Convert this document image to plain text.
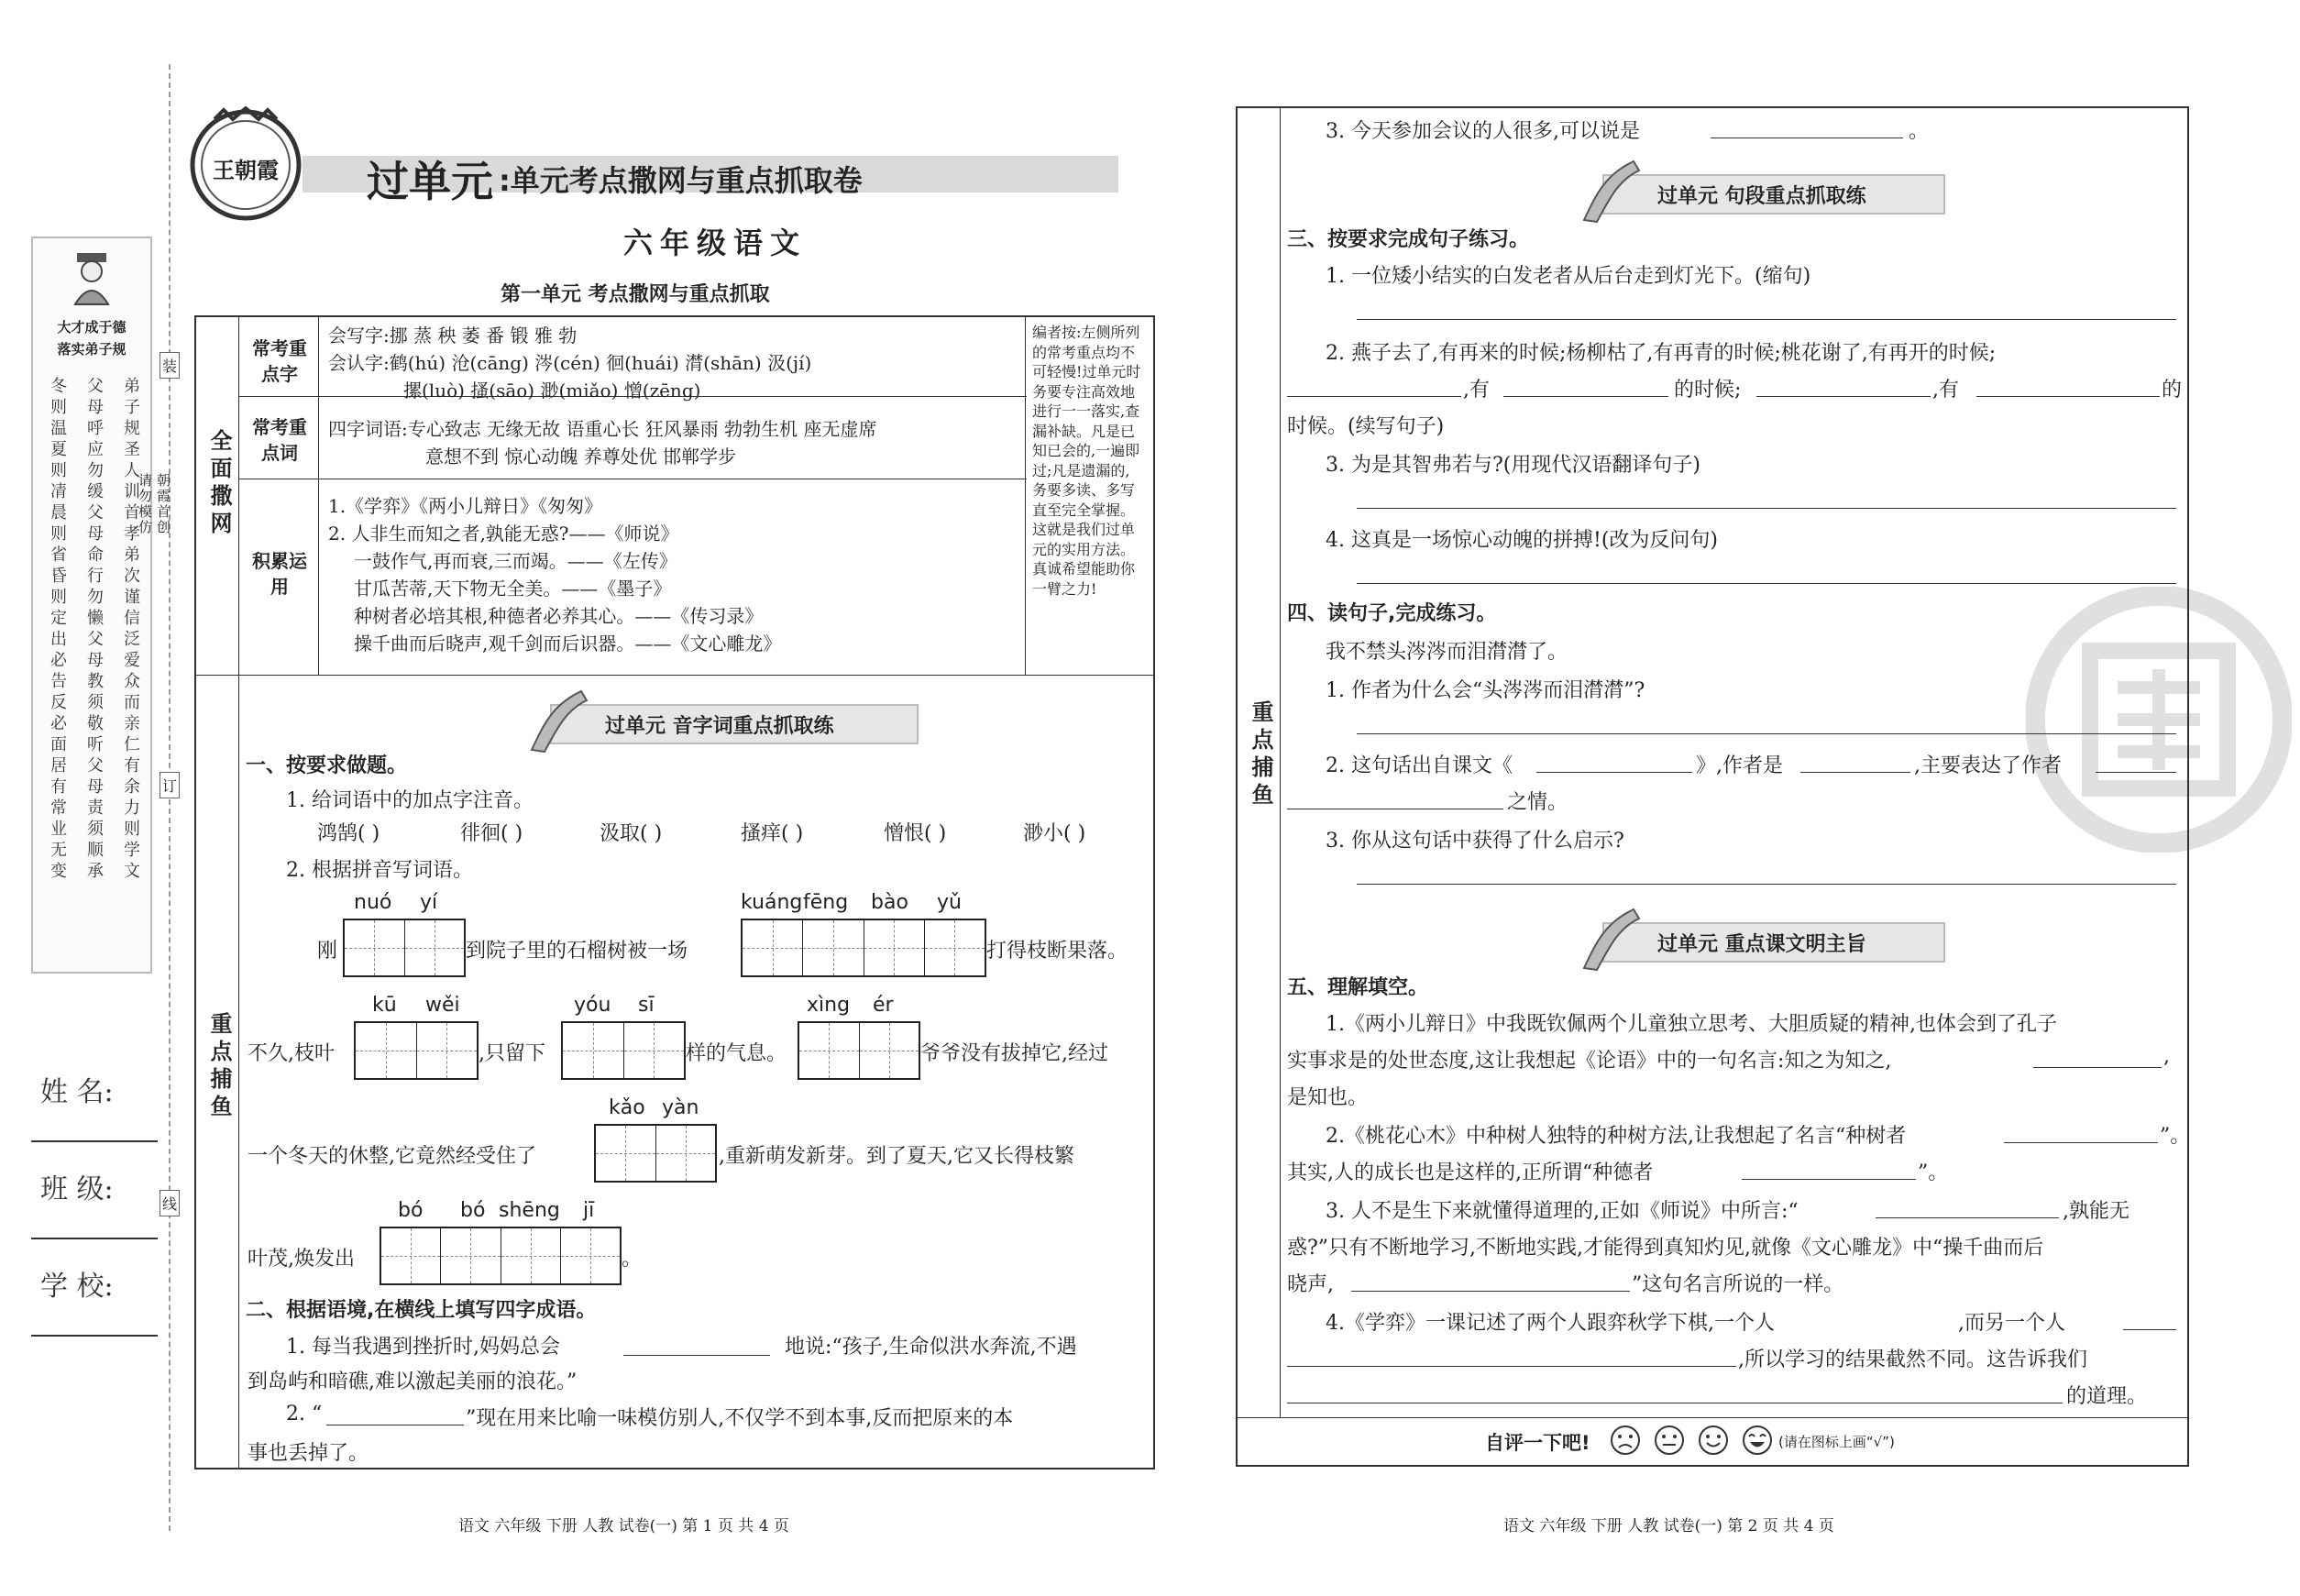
装
订
线
大才成于德
落实弟子规
弟子规圣人训首孝弟次谨信泛爱众而亲仁有余力则学文
父母呼应勿缓父母命行勿懒父母教须敬听父母责须顺承
冬则温夏则凊晨则省昏则定出必告反必面居有常业无变
朝霞首创
请勿模仿
姓 名:
班 级:
学 校:
王朝霞	过单元 :单元考点撒网与重点抓取卷
六年级语文
第一单元 考点撒网与重点抓取
全面撒网
重点捕鱼
常考重点字
会写字:挪 蒸 秧 萎 番 锻 雅 勃
会认字:鹤(hú) 沧(cāng) 涔(cén) 徊(huái) 潸(shān) 汲(jí)
摞(luò) 搔(sāo) 渺(miǎo) 憎(zēng)
常考重点词
四字词语:专心致志 无缘无故 语重心长 狂风暴雨 勃勃生机 座无虚席
意想不到 惊心动魄 养尊处优 邯郸学步
积累运用
1.《学弈》《两小儿辩日》《匆匆》
2. 人非生而知之者,孰能无惑?——《师说》
一鼓作气,再而衰,三而竭。——《左传》
甘瓜苦蒂,天下物无全美。——《墨子》
种树者必培其根,种德者必养其心。——《传习录》
操千曲而后晓声,观千剑而后识器。——《文心雕龙》
编者按:左侧所列的常考重点均不可轻慢!过单元时务要专注高效地进行一一落实,查漏补缺。凡是已知已会的,一遍即过;凡是遗漏的,务要多读、多写直至完全掌握。这就是我们过单元的实用方法。真诚希望能助你一臂之力!
过单元 音字词重点抓取练
一、按要求做题。
1. 给词语中的加点字注音。
鸿鹄( )	徘徊( )	汲取( )	搔痒( )	憎恨( )	渺小( )
2. 根据拼音写词语。
nuó yí	kuáng fēng bào yǔ
刚	到院子里的石榴树被一场	打得枝断果落。
kū wěi	yóu sī	xìng ér
不久,枝叶	,只留下	样的气息。	爷爷没有拔掉它,经过
kǎo yàn
一个冬天的休整,它竟然经受住了	,重新萌发新芽。到了夏天,它又长得枝繁
bó bó shēng jī
叶茂,焕发出	。
二、根据语境,在横线上填写四字成语。
1. 每当我遇到挫折时,妈妈总会	地说:“孩子,生命似洪水奔流,不遇
到岛屿和暗礁,难以激起美丽的浪花。”
2. “	”现在用来比喻一味模仿别人,不仅学不到本事,反而把原来的本
事也丢掉了。
语文 六年级 下册 人教 试卷(一) 第 1 页 共 4 页
重点捕鱼
3. 今天参加会议的人很多,可以说是	。
过单元 句段重点抓取练
三、按要求完成句子练习。
1. 一位矮小结实的白发老者从后台走到灯光下。(缩句)
2. 燕子去了,有再来的时候;杨柳枯了,有再青的时候;桃花谢了,有再开的时候;
,有	的时候;	,有	的
时候。(续写句子)
3. 为是其智弗若与?(用现代汉语翻译句子)
4. 这真是一场惊心动魄的拼搏!(改为反问句)
四、读句子,完成练习。
我不禁头涔涔而泪潸潸了。
1. 作者为什么会“头涔涔而泪潸潸”?
2. 这句话出自课文《	》,作者是	,主要表达了作者
之情。
3. 你从这句话中获得了什么启示?
过单元 重点课文明主旨
五、理解填空。
1.《两小儿辩日》中我既钦佩两个儿童独立思考、大胆质疑的精神,也体会到了孔子
实事求是的处世态度,这让我想起《论语》中的一句名言:知之为知之,	,
是知也。
2.《桃花心木》中种树人独特的种树方法,让我想起了名言“种树者	”。
其实,人的成长也是这样的,正所谓“种德者	”。
3. 人不是生下来就懂得道理的,正如《师说》中所言:“	,孰能无
惑?”只有不断地学习,不断地实践,才能得到真知灼见,就像《文心雕龙》中“操千曲而后
晓声,	”这句名言所说的一样。
4.《学弈》一课记述了两个人跟弈秋学下棋,一个人	,而另一个人
,所以学习的结果截然不同。这告诉我们
的道理。
自评一下吧!	(请在图标上画“√”)
语文 六年级 下册 人教 试卷(一) 第 2 页 共 4 页
